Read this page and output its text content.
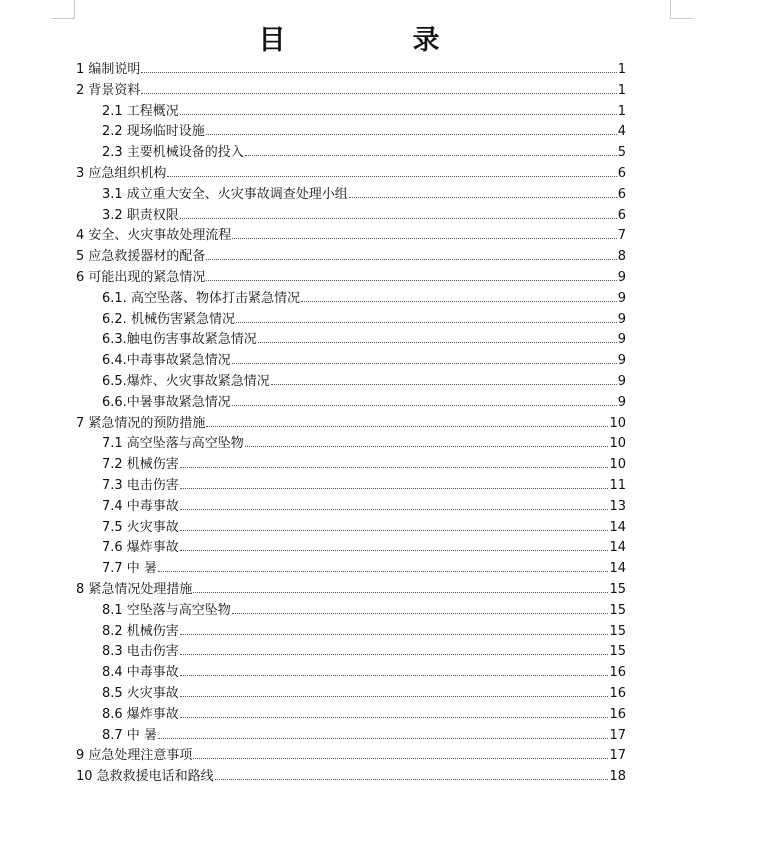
目　录
1 编制说明	1
2 背景资料	1
2.1 工程概况	1
2.2 现场临时设施	4
2.3 主要机械设备的投入	5
3 应急组织机构	6
3.1 成立重大安全、火灾事故调查处理小组	6
3.2 职责权限	6
4 安全、火灾事故处理流程	7
5 应急救援器材的配备	8
6 可能出现的紧急情况	9
6.1. 高空坠落、物体打击紧急情况	9
6.2. 机械伤害紧急情况	9
6.3.触电伤害事故紧急情况	9
6.4.中毒事故紧急情况	9
6.5.爆炸、火灾事故紧急情况	9
6.6.中暑事故紧急情况	9
7 紧急情况的预防措施	10
7.1 高空坠落与高空坠物	10
7.2 机械伤害	10
7.3 电击伤害	11
7.4 中毒事故	13
7.5 火灾事故	14
7.6 爆炸事故	14
7.7 中 暑	14
8 紧急情况处理措施	15
8.1 空坠落与高空坠物	15
8.2 机械伤害	15
8.3 电击伤害	15
8.4 中毒事故	16
8.5 火灾事故	16
8.6 爆炸事故	16
8.7 中 暑	17
9 应急处理注意事项	17
10 急救救援电话和路线	18
